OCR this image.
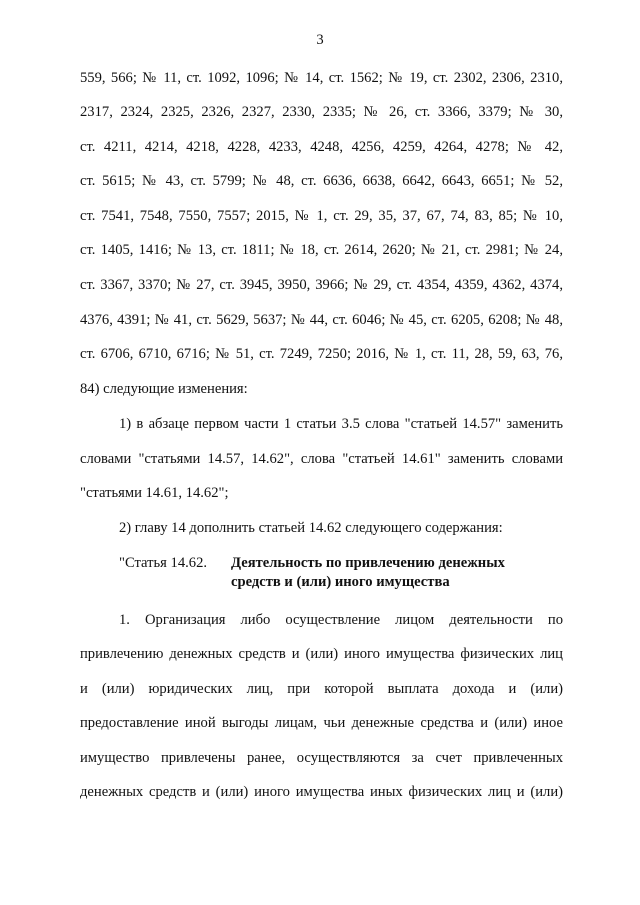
3
559, 566; № 11, ст. 1092, 1096; № 14, ст. 1562; № 19, ст. 2302, 2306, 2310,
2317, 2324, 2325, 2326, 2327, 2330, 2335; № 26, ст. 3366, 3379; № 30,
ст. 4211, 4214, 4218, 4228, 4233, 4248, 4256, 4259, 4264, 4278; № 42,
ст. 5615; № 43, ст. 5799; № 48, ст. 6636, 6638, 6642, 6643, 6651; № 52,
ст. 7541, 7548, 7550, 7557; 2015, № 1, ст. 29, 35, 37, 67, 74, 83, 85; № 10,
ст. 1405, 1416; № 13, ст. 1811; № 18, ст. 2614, 2620; № 21, ст. 2981; № 24,
ст. 3367, 3370; № 27, ст. 3945, 3950, 3966; № 29, ст. 4354, 4359, 4362, 4374,
4376, 4391; № 41, ст. 5629, 5637; № 44, ст. 6046; № 45, ст. 6205, 6208; № 48,
ст. 6706, 6710, 6716; № 51, ст. 7249, 7250; 2016, № 1, ст. 11, 28, 59, 63, 76,
84) следующие изменения:
1) в абзаце первом части 1 статьи 3.5 слова "статьей 14.57" заменить
словами "статьями 14.57, 14.62", слова "статьей 14.61" заменить словами
"статьями 14.61, 14.62";
2) главу 14 дополнить статьей 14.62 следующего содержания:
"Статья 14.62. Деятельность по привлечению денежных
средств и (или) иного имущества
1. Организация либо осуществление лицом деятельности по
привлечению денежных средств и (или) иного имущества физических лиц
и (или) юридических лиц, при которой выплата дохода и (или)
предоставление иной выгоды лицам, чьи денежные средства и (или) иное
имущество привлечены ранее, осуществляются за счет привлеченных
денежных средств и (или) иного имущества иных физических лиц и (или)
